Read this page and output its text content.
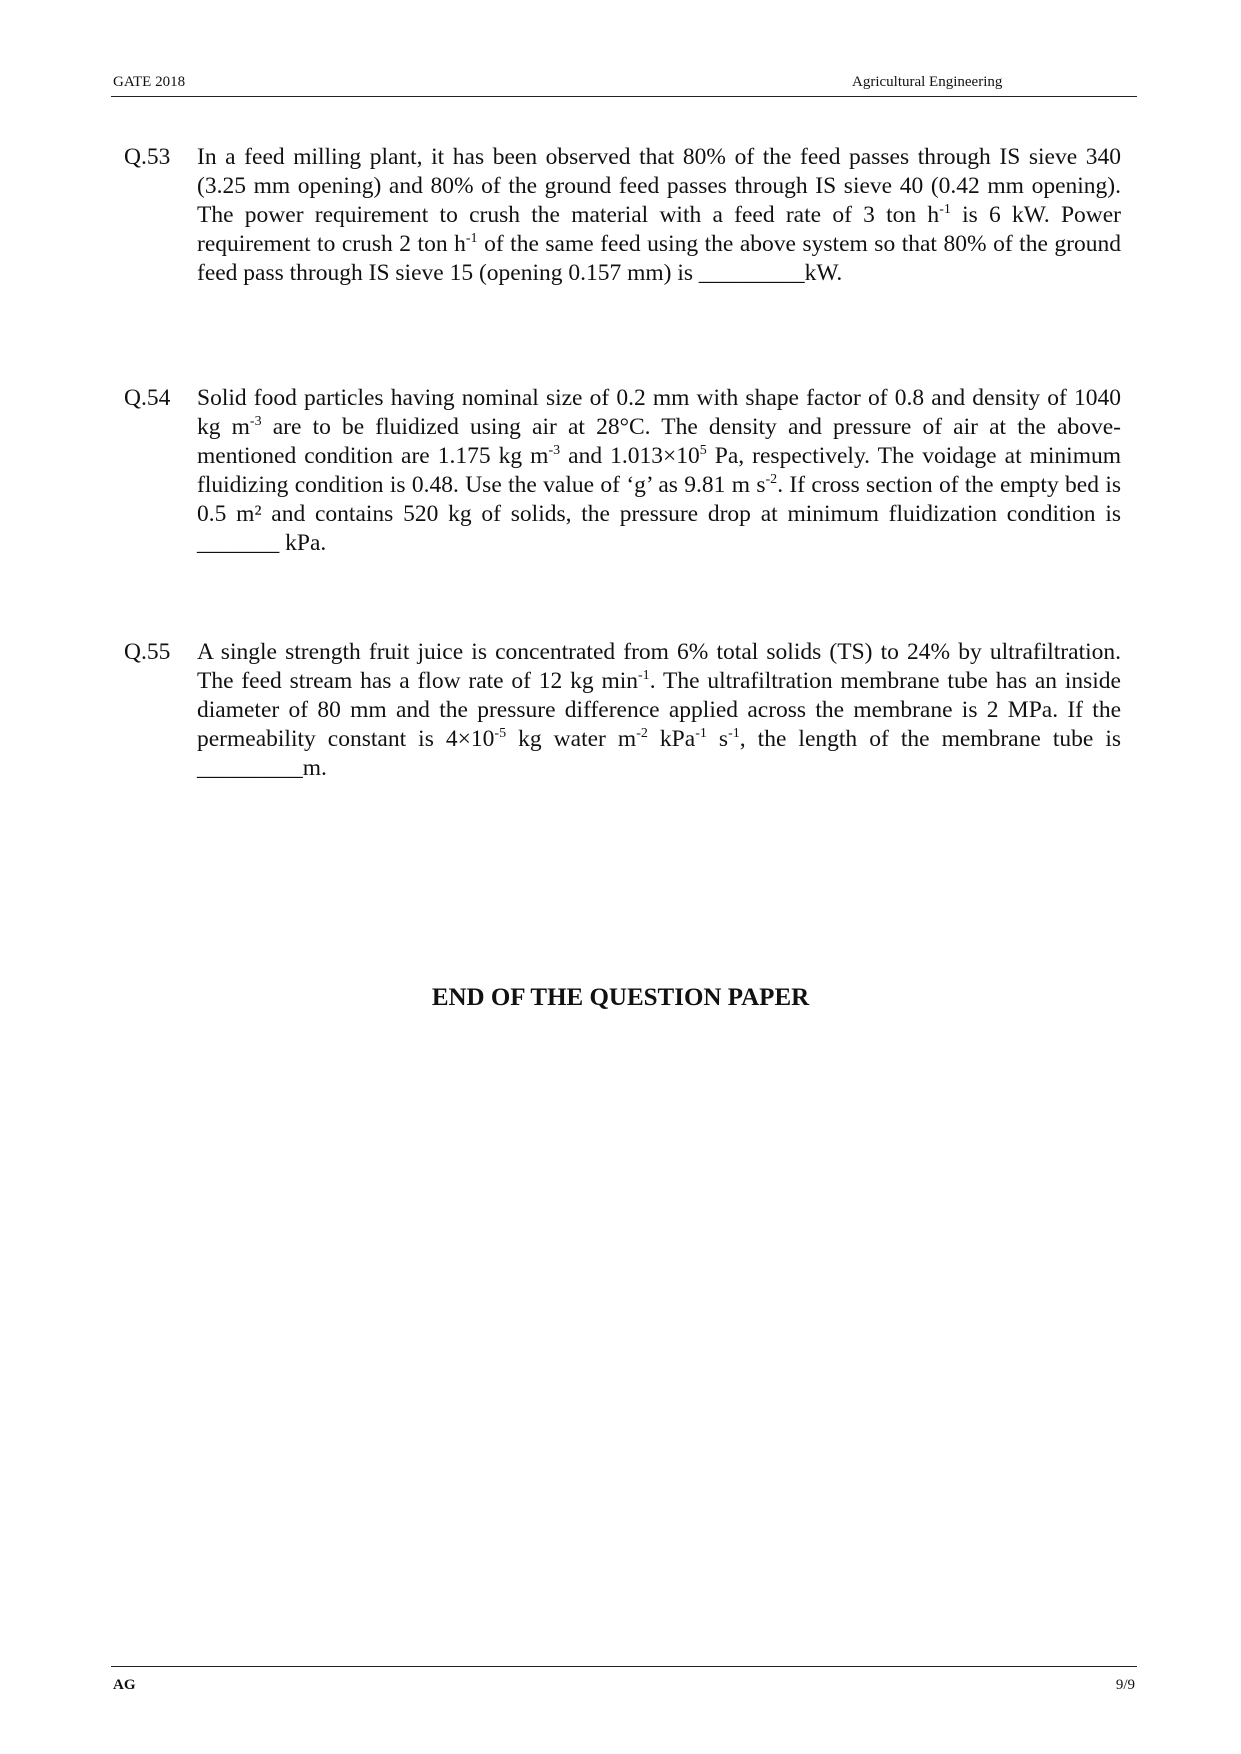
GATE 2018	Agricultural Engineering
Q.53 In a feed milling plant, it has been observed that 80% of the feed passes through IS sieve 340 (3.25 mm opening) and 80% of the ground feed passes through IS sieve 40 (0.42 mm opening). The power requirement to crush the material with a feed rate of 3 ton $h^{-1}$ is 6 kW. Power requirement to crush 2 ton $h^{-1}$ of the same feed using the above system so that 80% of the ground feed pass through IS sieve 15 (opening 0.157 mm) is _________kW.
Q.54 Solid food particles having nominal size of 0.2 mm with shape factor of 0.8 and density of 1040 kg $m^{-3}$ are to be fluidized using air at 28°C. The density and pressure of air at the above-mentioned condition are 1.175 kg $m^{-3}$ and $1.013\times 10^5$ Pa, respectively. The voidage at minimum fluidizing condition is 0.48. Use the value of ‘g’ as 9.81 m $s^{-2}$. If cross section of the empty bed is 0.5 m² and contains 520 kg of solids, the pressure drop at minimum fluidization condition is _______ kPa.
Q.55 A single strength fruit juice is concentrated from 6% total solids (TS) to 24% by ultrafiltration. The feed stream has a flow rate of 12 kg $\min^{-1}$. The ultrafiltration membrane tube has an inside diameter of 80 mm and the pressure difference applied across the membrane is 2 MPa. If the permeability constant is $4\times 10^{-5}$ kg water $m^{-2}$ kPa$^{-1}$ $s^{-1}$, the length of the membrane tube is _________m.
END OF THE QUESTION PAPER
AG	9/9
